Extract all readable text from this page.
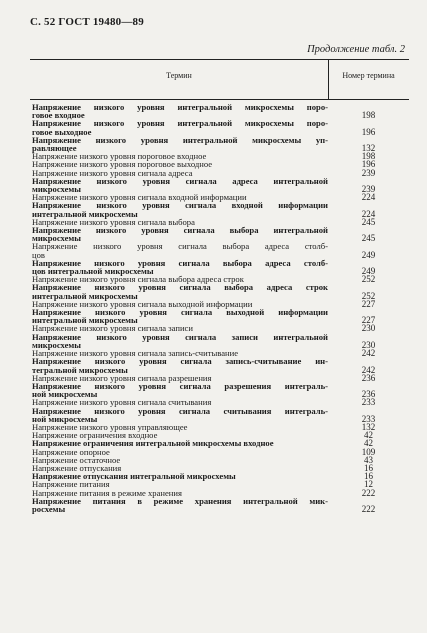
С. 52 ГОСТ 19480—89
Продолжение табл. 2
Термин	Номер термина
Напряжение низкого уровня интегральной микросхемы поро-
говое входное	198
Напряжение низкого уровня интегральной микросхемы поро-
говое выходное	196
Напряжение низкого уровня интегральной микросхемы уп-
равляющее	132
Напряжение низкого уровня пороговое входное	198
Напряжение низкого уровня пороговое выходное	196
Напряжение низкого уровня сигнала адреса	239
Напряжение низкого уровня сигнала адреса интегральной
микросхемы	239
Напряжение низкого уровня сигнала входной информации	224
Напряжение низкого уровня сигнала входной информации
интегральной микросхемы	224
Напряжение низкого уровня сигнала выбора	245
Напряжение низкого уровня сигнала выбора интегральной
микросхемы	245
Напряжение низкого уровня сигнала выбора адреса столб-
цов	249
Напряжение низкого уровня сигнала выбора адреса столб-
цов интегральной микросхемы	249
Напряжение низкого уровня сигнала выбора адреса строк	252
Напряжение низкого уровня сигнала выбора адреса строк
интегральной микросхемы	252
Напряжение низкого уровня сигнала выходной информации	227
Напряжение низкого уровня сигнала выходной информации
интегральной микросхемы	227
Напряжение низкого уровня сигнала записи	230
Напряжение низкого уровня сигнала записи интегральной
микросхемы	230
Напряжение низкого уровня сигнала запись-считывание	242
Напряжение низкого уровня сигнала запись-считывание ин-
тегральной микросхемы	242
Напряжение низкого уровня сигнала разрешения	236
Напряжение низкого уровня сигнала разрешения интеграль-
ной микросхемы	236
Напряжение низкого уровня сигнала считывания	233
Напряжение низкого уровня сигнала считывания интеграль-
ной микросхемы	233
Напряжение низкого уровня управляющее	132
Напряжение ограничения входное	42
Напряжение ограничения интегральной микросхемы входное	42
Напряжение опорное	109
Напряжение остаточное	43
Напряжение отпускания	16
Напряжение отпускания интегральной микросхемы	16
Напряжение питания	12
Напряжение питания в режиме хранения	222
Напряжение питания в режиме хранения интегральной мик-
росхемы	222
